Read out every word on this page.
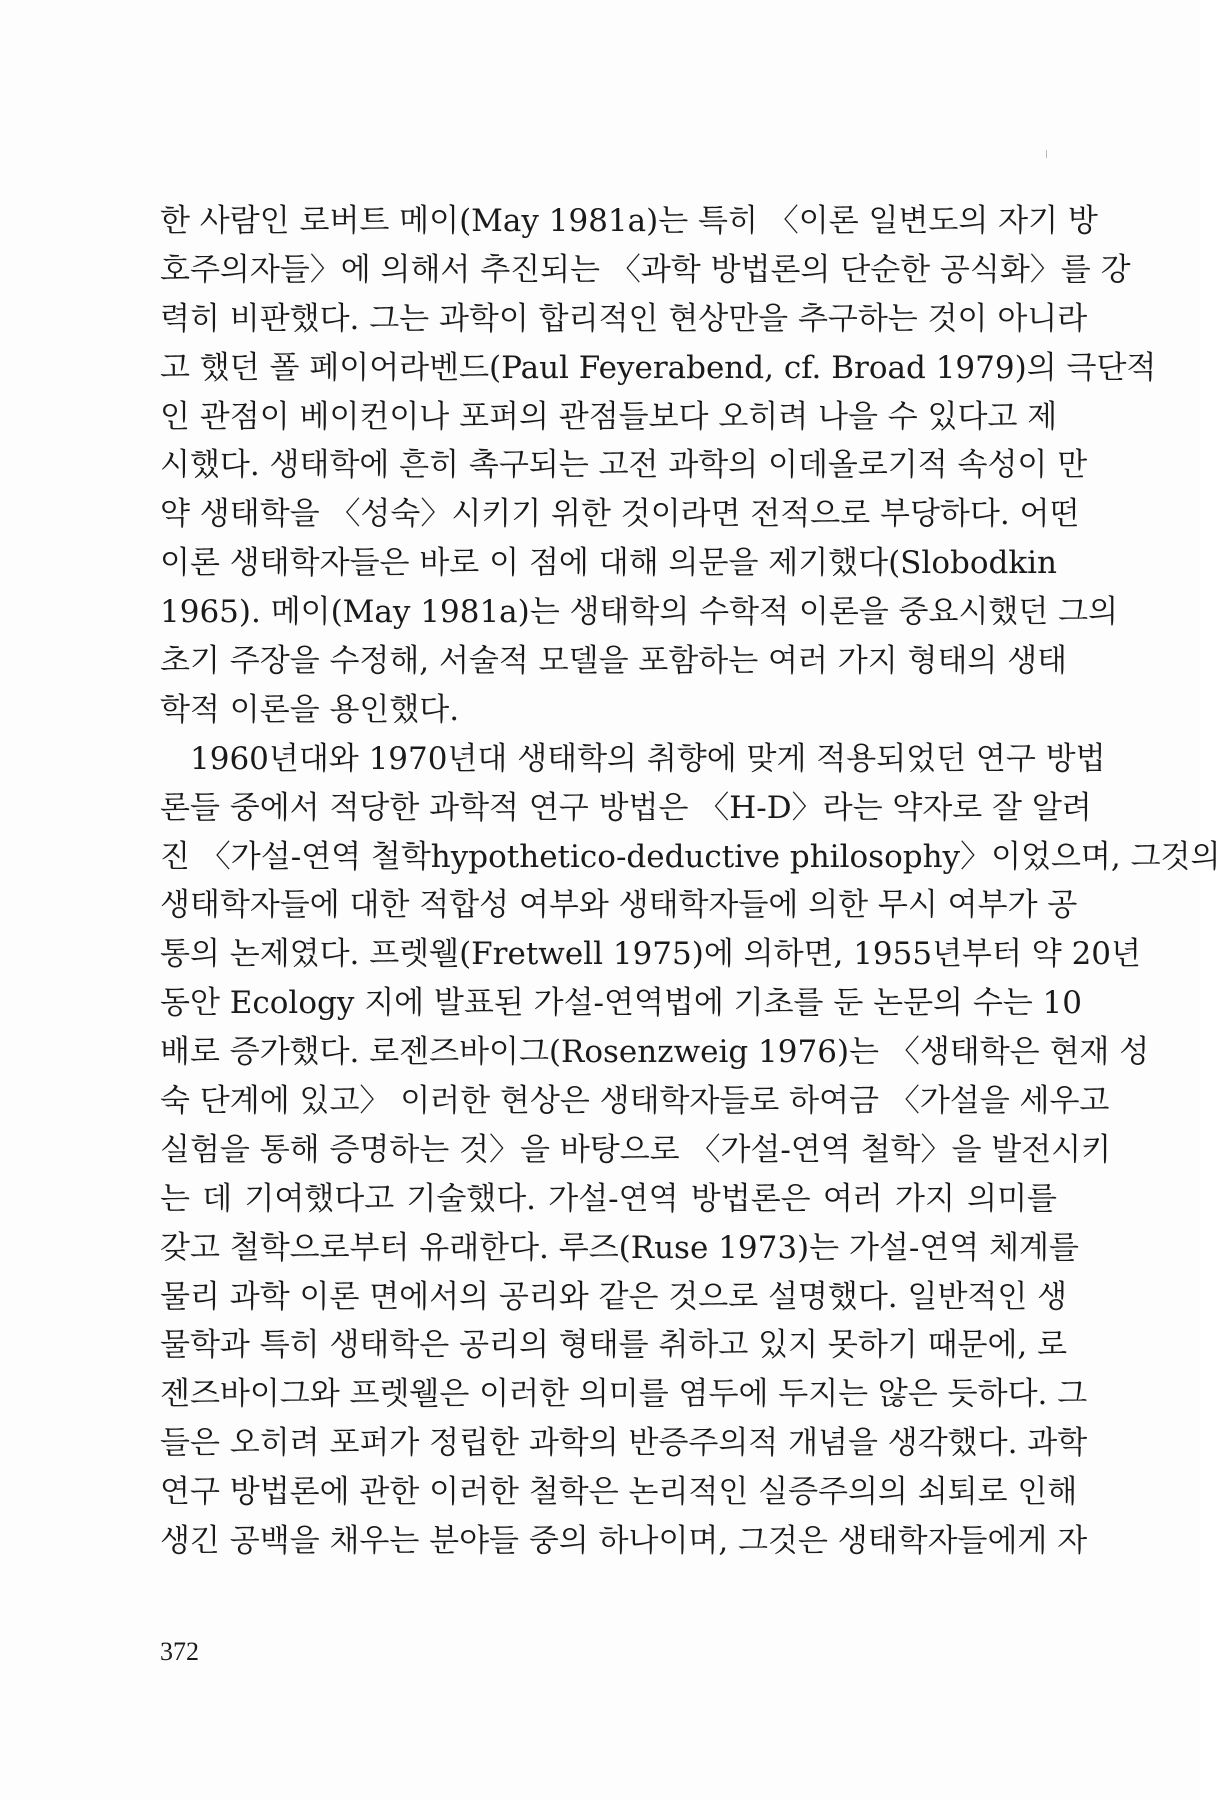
한 사람인 로버트 메이(May 1981a)는 특히 〈이론 일변도의 자기 방
호주의자들〉에 의해서 추진되는 〈과학 방법론의 단순한 공식화〉를 강
력히 비판했다. 그는 과학이 합리적인 현상만을 추구하는 것이 아니라
고 했던 폴 페이어라벤드(Paul Feyerabend, cf. Broad 1979)의 극단적
인 관점이 베이컨이나 포퍼의 관점들보다 오히려 나을 수 있다고 제
시했다. 생태학에 흔히 촉구되는 고전 과학의 이데올로기적 속성이 만
약 생태학을 〈성숙〉시키기 위한 것이라면 전적으로 부당하다. 어떤
이론 생태학자들은 바로 이 점에 대해 의문을 제기했다(Slobodkin
1965). 메이(May 1981a)는 생태학의 수학적 이론을 중요시했던 그의
초기 주장을 수정해, 서술적 모델을 포함하는 여러 가지 형태의 생태
학적 이론을 용인했다.
1960년대와 1970년대 생태학의 취향에 맞게 적용되었던 연구 방법
론들 중에서 적당한 과학적 연구 방법은 〈H-D〉라는 약자로 잘 알려
진 〈가설-연역 철학hypothetico-deductive philosophy〉이었으며, 그것의
생태학자들에 대한 적합성 여부와 생태학자들에 의한 무시 여부가 공
통의 논제였다. 프렛웰(Fretwell 1975)에 의하면, 1955년부터 약 20년
동안 Ecology 지에 발표된 가설-연역법에 기초를 둔 논문의 수는 10
배로 증가했다. 로젠즈바이그(Rosenzweig 1976)는 〈생태학은 현재 성
숙 단계에 있고〉 이러한 현상은 생태학자들로 하여금 〈가설을 세우고
실험을 통해 증명하는 것〉을 바탕으로 〈가설-연역 철학〉을 발전시키
는 데 기여했다고 기술했다. 가설-연역 방법론은 여러 가지 의미를
갖고 철학으로부터 유래한다. 루즈(Ruse 1973)는 가설-연역 체계를
물리 과학 이론 면에서의 공리와 같은 것으로 설명했다. 일반적인 생
물학과 특히 생태학은 공리의 형태를 취하고 있지 못하기 때문에, 로
젠즈바이그와 프렛웰은 이러한 의미를 염두에 두지는 않은 듯하다. 그
들은 오히려 포퍼가 정립한 과학의 반증주의적 개념을 생각했다. 과학
연구 방법론에 관한 이러한 철학은 논리적인 실증주의의 쇠퇴로 인해
생긴 공백을 채우는 분야들 중의 하나이며, 그것은 생태학자들에게 자
372
